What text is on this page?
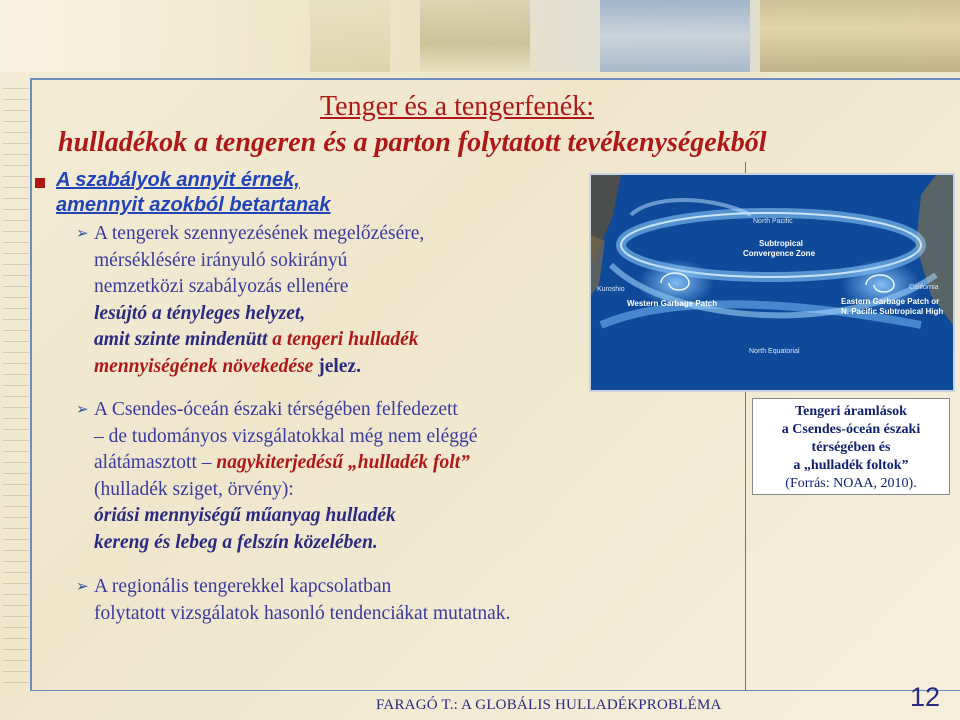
Tenger és a tengerfenék:
hulladékok a tengeren és a parton folytatott tevékenységekből
A szabályok annyit érnek,
amennyit azokból betartanak
➢ A tengerek szennyezésének megelőzésére,
mérséklésére irányuló sokirányú
nemzetközi szabályozás ellenére
lesújtó a tényleges helyzet,
amit szinte mindenütt a tengeri hulladék
mennyiségének növekedése jelez.
North Pacific
Subtropical
Convergence Zone
Kuroshio	California
Western Garbage Patch	Eastern Garbage Patch or
N. Pacific Subtropical High
North Equatorial
➢ A Csendes-óceán északi térségében felfedezett
– de tudományos vizsgálatokkal még nem eléggé
alátámasztott – nagykiterjedésű „hulladék folt”
(hulladék sziget, örvény):
óriási mennyiségű műanyag hulladék
kereng és lebeg a felszín közelében.
Tengeri áramlások
a Csendes-óceán északi
térségében és
a „hulladék foltok”
(Forrás: NOAA, 2010).
➢ A regionális tengerekkel kapcsolatban
folytatott vizsgálatok hasonló tendenciákat mutatnak.
FARAGÓ T.: A GLOBÁLIS HULLADÉKPROBLÉMA	12
